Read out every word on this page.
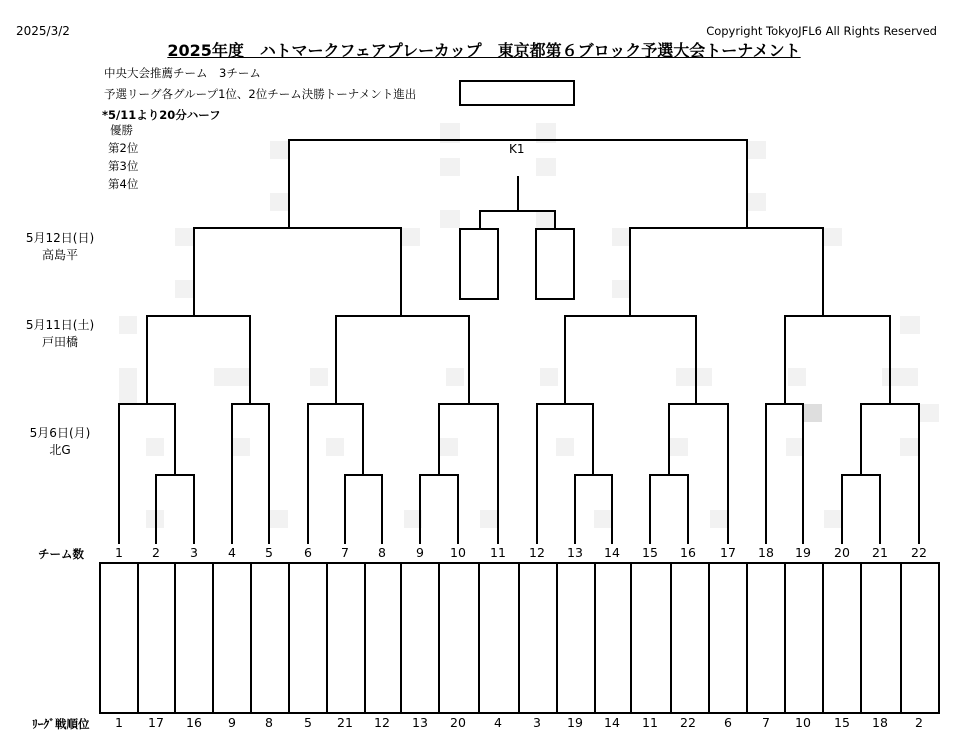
2025/3/2	Copyright TokyoJFL6 All Rights Reserved
2025年度　ハトマークフェアプレーカップ　東京都第６ブロック予選大会トーナメント
中央大会推薦チーム　3チーム
予選リーグ各グループ1位、2位チーム決勝トーナメント進出
*5/11より20分ハーフ
優勝
第2位
第3位
第4位
5月12日(日)
高島平
5月11日(土)
戸田橋
5月6日(月)
北G
K1
チーム数
ﾘｰｸﾞ戦順位
1	2	3	4	5	6	7	8	9	10	11	12	13	14	15	16	17	18	19	20	21	22
1	17	16	9	8	5	21	12	13	20	4	3	19	14	11	22	6	7	10	15	18	2
